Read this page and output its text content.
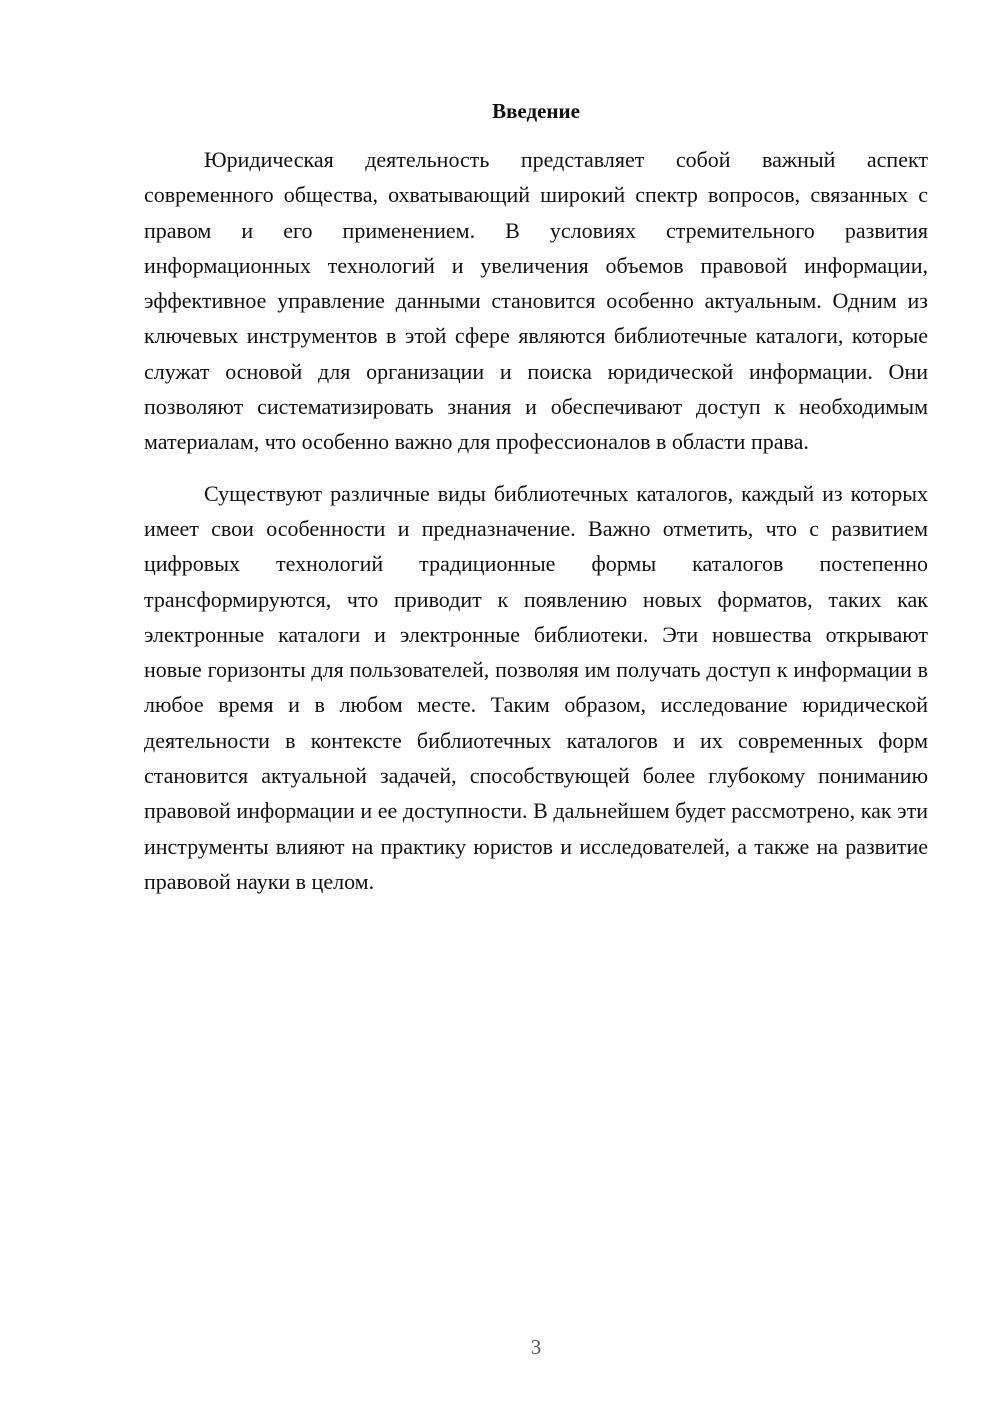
Введение

Юридическая деятельность представляет собой важный аспект современного общества, охватывающий широкий спектр вопросов, связанных с правом и его применением. В условиях стремительного развития информационных технологий и увеличения объемов правовой информации, эффективное управление данными становится особенно актуальным. Одним из ключевых инструментов в этой сфере являются библиотечные каталоги, которые служат основой для организации и поиска юридической информации. Они позволяют систематизировать знания и обеспечивают доступ к необходимым материалам, что особенно важно для профессионалов в области права.

Существуют различные виды библиотечных каталогов, каждый из которых имеет свои особенности и предназначение. Важно отметить, что с развитием цифровых технологий традиционные формы каталогов постепенно трансформируются, что приводит к появлению новых форматов, таких как электронные каталоги и электронные библиотеки. Эти новшества открывают новые горизонты для пользователей, позволяя им получать доступ к информации в любое время и в любом месте. Таким образом, исследование юридической деятельности в контексте библиотечных каталогов и их современных форм становится актуальной задачей, способствующей более глубокому пониманию правовой информации и ее доступности. В дальнейшем будет рассмотрено, как эти инструменты влияют на практику юристов и исследователей, а также на развитие правовой науки в целом.

3
